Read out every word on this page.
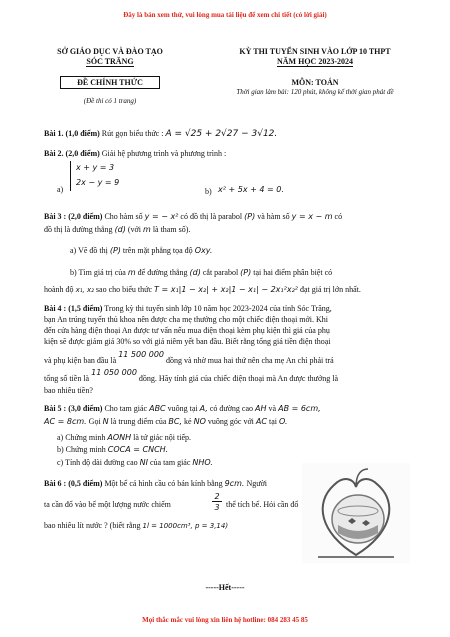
Đây là bản xem thử, vui lòng mua tài liệu để xem chi tiết (có lời giải)
SỞ GIÁO DỤC VÀ ĐÀO TẠO
SÓC TRĂNG
ĐỀ CHÍNH THỨC
(Đề thi có 1 trang)
KỲ THI TUYỂN SINH VÀO LỚP 10 THPT
NĂM HỌC 2023-2024
MÔN: TOÁN
Thời gian làm bài: 120 phút, không kể thời gian phát đề
Bài 1. (1,0 điểm) Rút gọn biểu thức : A = √25 + 2√27 − 3√12.
Bài 2. (2,0 điểm) Giải hệ phương trình và phương trình :
a)
x + y = 3
2x − y = 9
b) x² + 5x + 4 = 0.
Bài 3 : (2,0 điểm) Cho hàm số y = − x² có đồ thị là parabol (P) và hàm số y = x − m có
đồ thị là đường thẳng (d) (với m là tham số).
a) Vẽ đồ thị (P) trên mặt phẳng tọa độ Oxy.
b) Tìm giá trị của m để đường thẳng (d) cắt parabol (P) tại hai điểm phân biệt có
hoành độ x₁, x₂ sao cho biểu thức T = x₁|1 − x₂| + x₂|1 − x₁| − 2x₁²x₂² đạt giá trị lớn nhất.
Bài 4 : (1,5 điểm) Trong kỳ thi tuyển sinh lớp 10 năm học 2023-2024 của tỉnh Sóc Trăng,
bạn An trúng tuyển thủ khoa nên được cha mẹ thưởng cho một chiếc điện thoại mới. Khi
đến cửa hàng điện thoại An được tư vấn nếu mua điện thoại kèm phụ kiện thì giá của phụ
kiện sẽ được giảm giá 30% so với giá niêm yết ban đầu. Biết rằng tổng giá tiền điện thoại
và phụ kiện ban đầu là 11 500 000 đồng và nhờ mua hai thứ nên cha mẹ An chỉ phải trả
tổng số tiền là 11 050 000 đồng. Hãy tính giá của chiếc điện thoại mà An được thưởng là
bao nhiêu tiền?
Bài 5 : (3,0 điểm) Cho tam giác ABC vuông tại A, có đường cao AH và AB = 6cm,
AC = 8cm. Gọi N là trung điểm của BC, kẻ NO vuông góc với AC tại O.
a) Chứng minh AONH là tứ giác nội tiếp.
b) Chứng minh COCA = CNCH.
c) Tính độ dài đường cao NI của tam giác NHO.
Bài 6 : (0,5 điểm) Một bể cá hình cầu có bán kính bằng 9cm. Người
2
3
ta cần đổ vào bể một lượng nước chiếm	thể tích bể. Hỏi cần đổ
bao nhiêu lít nước ? (biết rằng 1l = 1000cm³, p = 3,14)
-----Hết-----
Mọi thắc mắc vui lòng xin liên hệ hotline: 084 283 45 85
